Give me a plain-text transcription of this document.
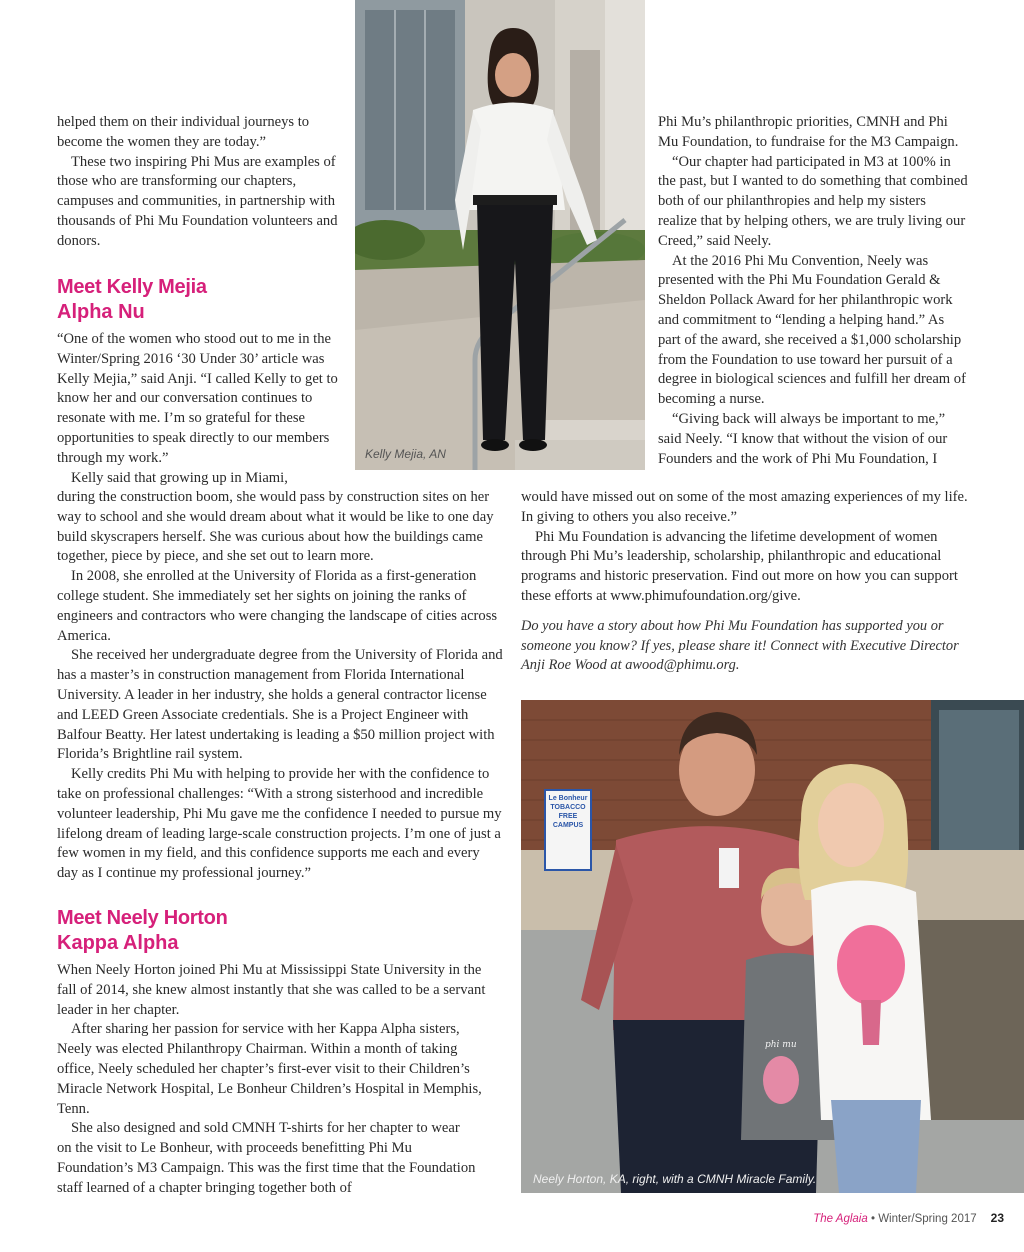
helped them on their individual journeys to become the women they are today.”

These two inspiring Phi Mus are examples of those who are transforming our chapters, campuses and communities, in partnership with thousands of Phi Mu Foundation volunteers and donors.

Meet Kelly Mejia
Alpha Nu

“One of the women who stood out to me in the Winter/Spring 2016 ‘30 Under 30’ article was Kelly Mejia,” said Anji. “I called Kelly to get to know her and our conversation continues to resonate with me. I’m so grateful for these opportunities to speak directly to our members through my work.”

Kelly said that growing up in Miami,

during the construction boom, she would pass by construction sites on her way to school and she would dream about what it would be like to one day build skyscrapers herself. She was curious about how the buildings came together, piece by piece, and she set out to learn more.

In 2008, she enrolled at the University of Florida as a first-generation college student. She immediately set her sights on joining the ranks of engineers and contractors who were changing the landscape of cities across America.

She received her undergraduate degree from the University of Florida and has a master’s in construction management from Florida International University. A leader in her industry, she holds a general contractor license and LEED Green Associate credentials. She is a Project Engineer with Balfour Beatty. Her latest undertaking is leading a $50 million project with Florida’s Brightline rail system.

Kelly credits Phi Mu with helping to provide her with the confidence to take on professional challenges: “With a strong sisterhood and incredible volunteer leadership, Phi Mu gave me the confidence I needed to pursue my lifelong dream of leading large-scale construction projects. I’m one of just a few women in my field, and this confidence supports me each and every day as I continue my professional journey.”

Meet Neely Horton
Kappa Alpha

When Neely Horton joined Phi Mu at Mississippi State University in the fall of 2014, she knew almost instantly that she was called to be a servant leader in her chapter.

After sharing her passion for service with her Kappa Alpha sisters, Neely was elected Philanthropy Chairman. Within a month of taking office, Neely scheduled her chapter’s first-ever visit to their Children’s Miracle Network Hospital, Le Bonheur Children’s Hospital in Memphis, Tenn.

She also designed and sold CMNH T-shirts for her chapter to wear on the visit to Le Bonheur, with proceeds benefitting Phi Mu Foundation’s M3 Campaign. This was the first time that the Foundation staff learned of a chapter bringing together both of

Kelly Mejia, AN

Phi Mu’s philanthropic priorities, CMNH and Phi Mu Foundation, to fundraise for the M3 Campaign.

“Our chapter had participated in M3 at 100% in the past, but I wanted to do something that combined both of our philanthropies and help my sisters realize that by helping others, we are truly living our Creed,” said Neely.

At the 2016 Phi Mu Convention, Neely was presented with the Phi Mu Foundation Gerald & Sheldon Pollack Award for her philanthropic work and commitment to “lending a helping hand.” As part of the award, she received a $1,000 scholarship from the Foundation to use toward her pursuit of a degree in biological sciences and fulfill her dream of becoming a nurse.

“Giving back will always be important to me,” said Neely. “I know that without the vision of our Founders and the work of Phi Mu Foundation, I

would have missed out on some of the most amazing experiences of my life. In giving to others you also receive.”

Phi Mu Foundation is advancing the lifetime development of women through Phi Mu’s leadership, scholarship, philanthropic and educational programs and historic preservation. Find out more on how you can support these efforts at www.phimufoundation.org/give.

Do you have a story about how Phi Mu Foundation has supported you or someone you know? If yes, please share it! Connect with Executive Director Anji Roe Wood at awood@phimu.org.

Le Bonheur
TOBACCO
FREE
CAMPUS
phi mu
Neely Horton, KA, right, with a CMNH Miracle Family.
The Aglaia • Winter/Spring 2017 23
